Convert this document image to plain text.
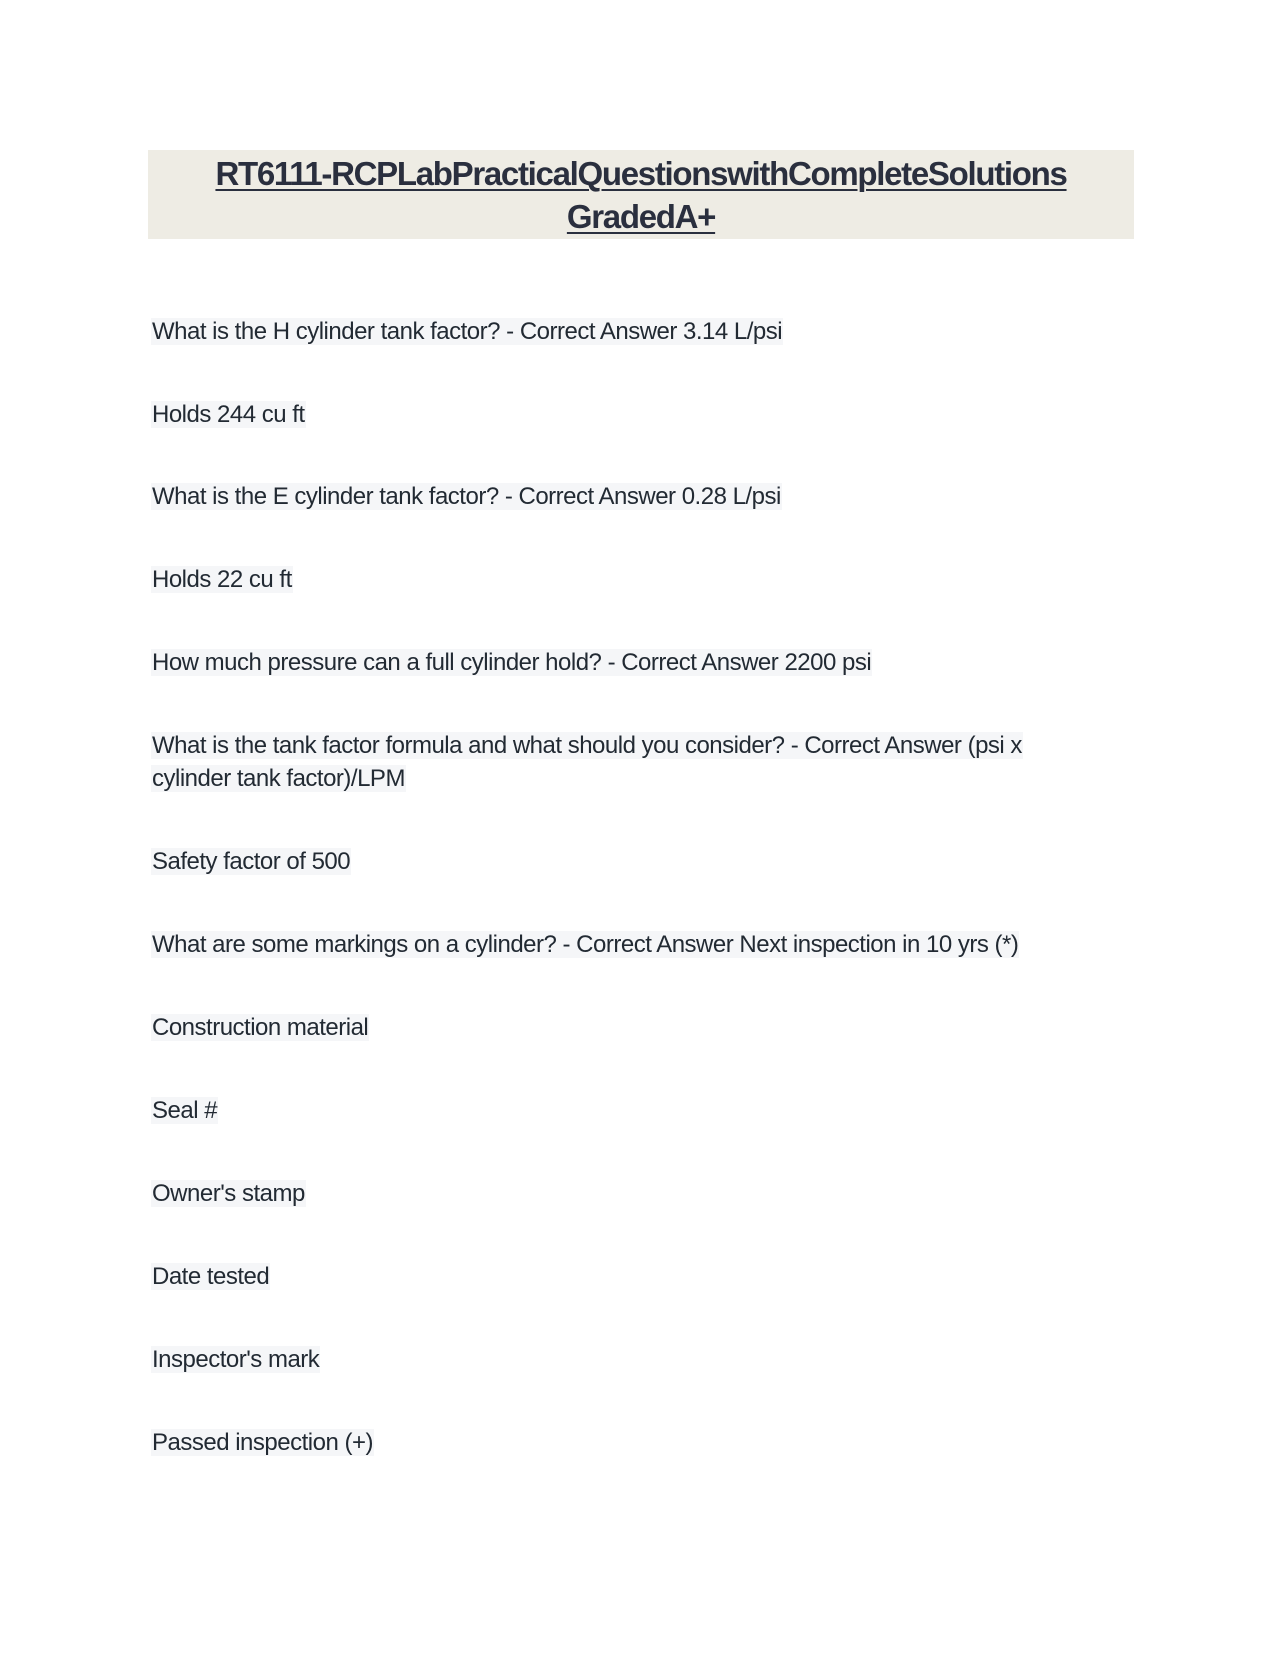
RT6111-RCPLabPracticalQuestionswithCompleteSolutions
GradedA+
What is the H cylinder tank factor? - Correct Answer 3.14 L/psi
Holds 244 cu ft
What is the E cylinder tank factor? - Correct Answer 0.28 L/psi
Holds 22 cu ft
How much pressure can a full cylinder hold? - Correct Answer 2200 psi
What is the tank factor formula and what should you consider? - Correct Answer (psi x cylinder tank factor)/LPM
Safety factor of 500
What are some markings on a cylinder? - Correct Answer Next inspection in 10 yrs (*)
Construction material
Seal #
Owner's stamp
Date tested
Inspector's mark
Passed inspection (+)
